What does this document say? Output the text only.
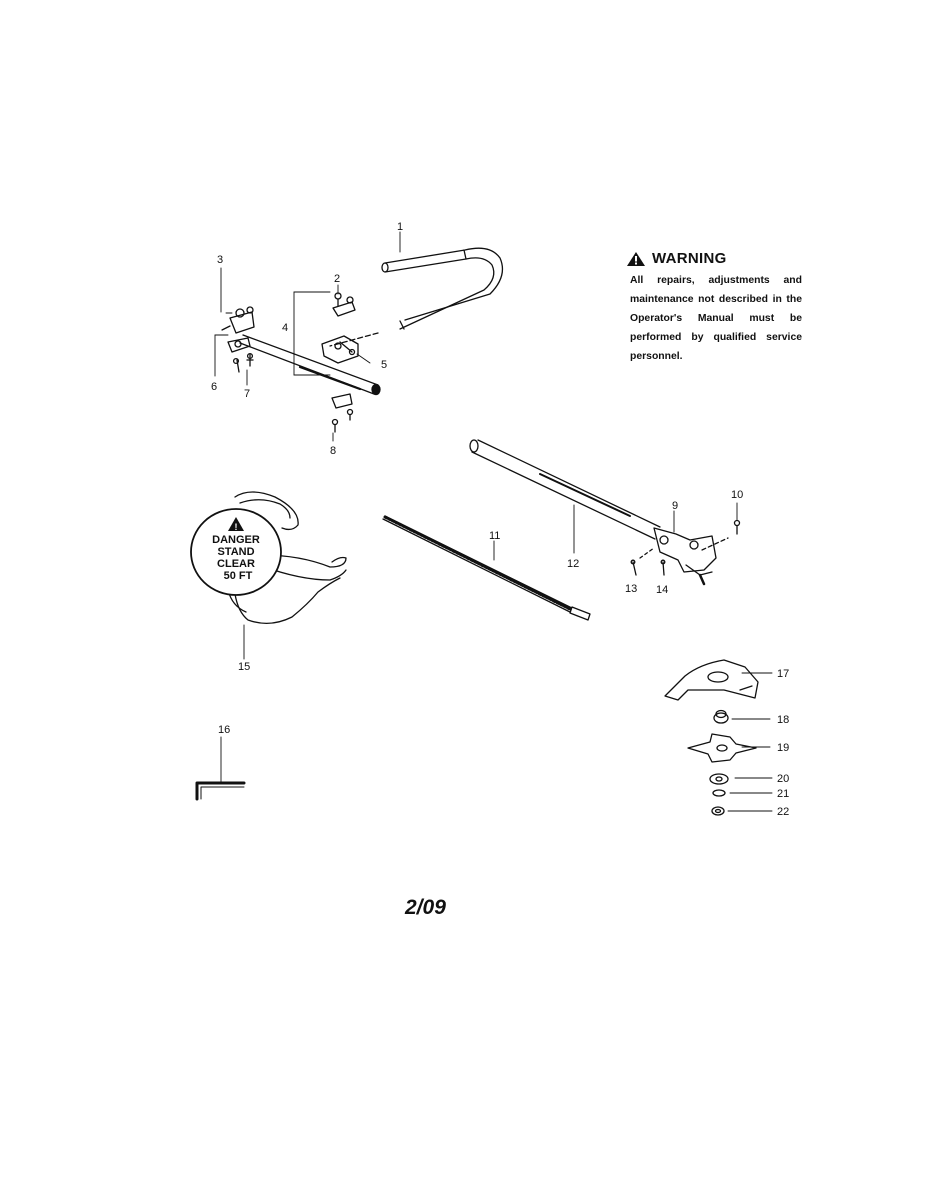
!
DANGER
STAND
CLEAR
50 FT
1
2
3
4
5
6
7
8
9
10
11
12
13 14
15
16
17
18
19
20
21
22
WARNING

All repairs, adjustments and maintenance not described in the Operator's Manual must be performed by qualified service personnel.

2/09
